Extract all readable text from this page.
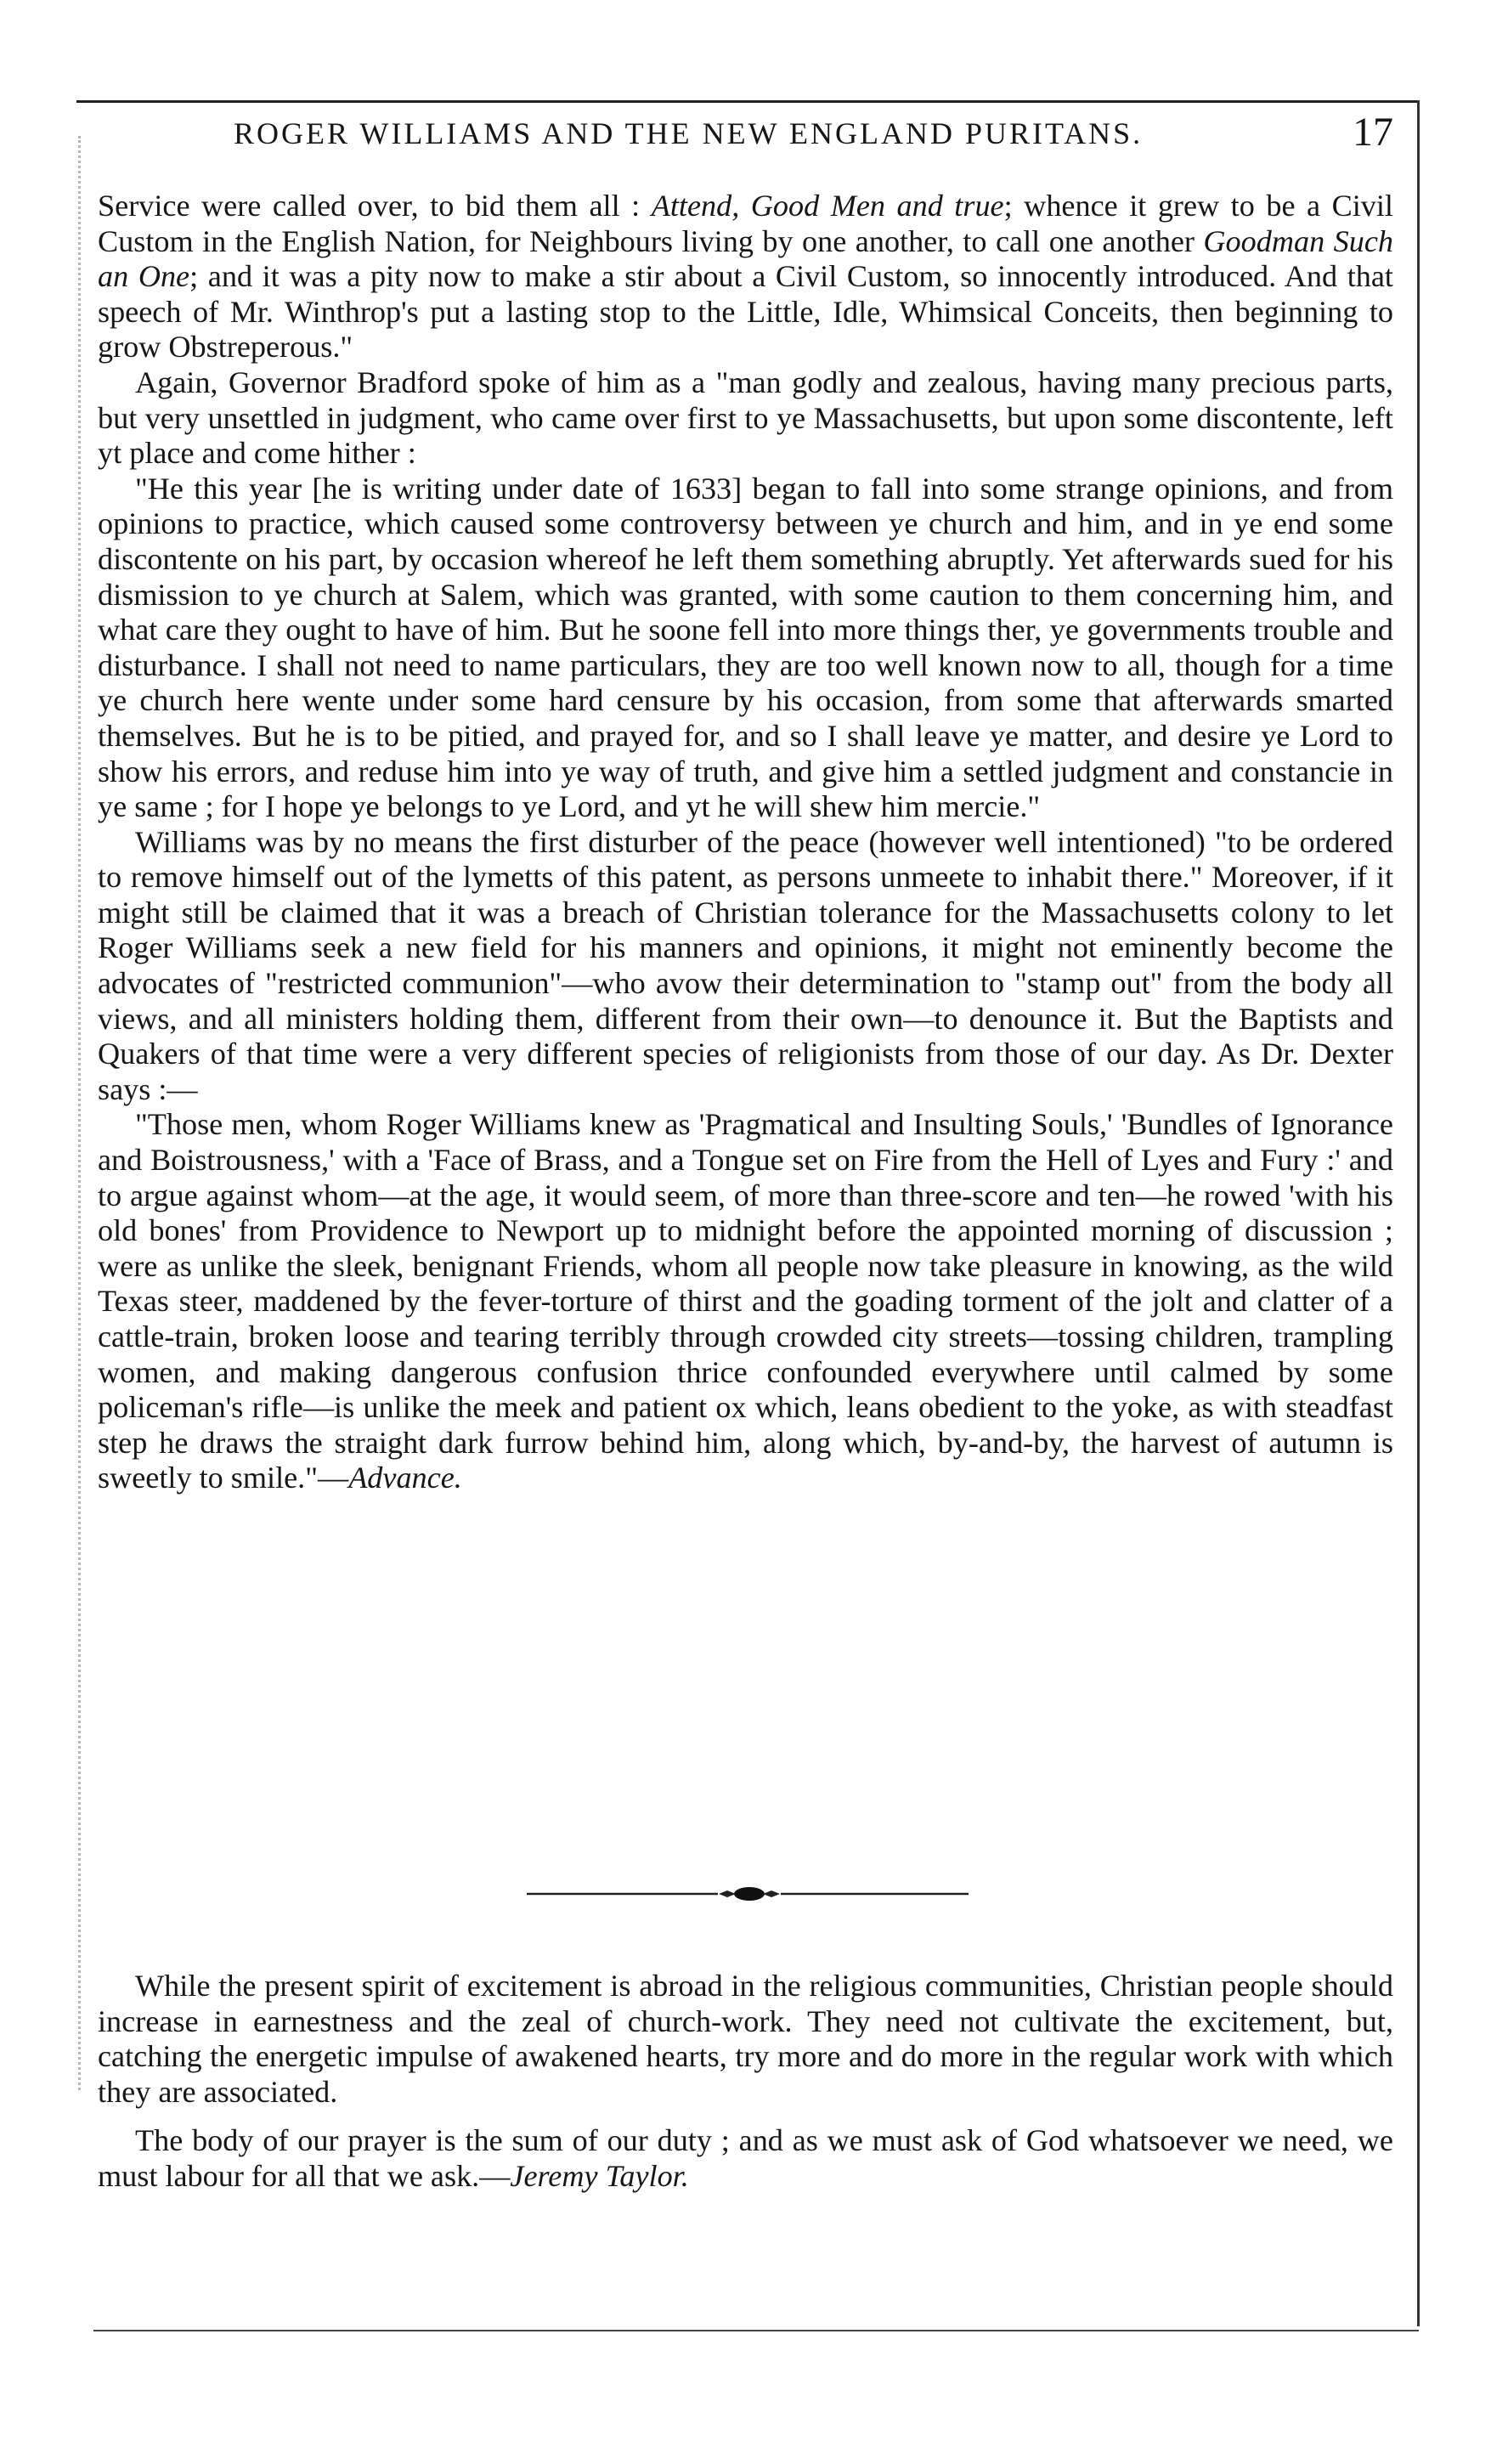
ROGER WILLIAMS AND THE NEW ENGLAND PURITANS.	17

Service were called over, to bid them all : Attend, Good Men and true; whence it grew to be a Civil Custom in the English Nation, for Neighbours living by one another, to call one another Goodman Such an One; and it was a pity now to make a stir about a Civil Custom, so innocently introduced. And that speech of Mr. Winthrop's put a lasting stop to the Little, Idle, Whimsical Conceits, then beginning to grow Obstreperous."

Again, Governor Bradford spoke of him as a "man godly and zealous, having many precious parts, but very unsettled in judgment, who came over first to ye Massachusetts, but upon some discontente, left yt place and come hither :

"He this year [he is writing under date of 1633] began to fall into some strange opinions, and from opinions to practice, which caused some controversy between ye church and him, and in ye end some discontente on his part, by occasion whereof he left them something abruptly. Yet afterwards sued for his dismission to ye church at Salem, which was granted, with some caution to them concerning him, and what care they ought to have of him. But he soone fell into more things ther, ye governments trouble and disturbance. I shall not need to name particulars, they are too well known now to all, though for a time ye church here wente under some hard censure by his occasion, from some that afterwards smarted themselves. But he is to be pitied, and prayed for, and so I shall leave ye matter, and desire ye Lord to show his errors, and reduse him into ye way of truth, and give him a settled judgment and constancie in ye same ; for I hope ye belongs to ye Lord, and yt he will shew him mercie."

Williams was by no means the first disturber of the peace (however well intentioned) "to be ordered to remove himself out of the lymetts of this patent, as persons unmeete to inhabit there." Moreover, if it might still be claimed that it was a breach of Christian tolerance for the Massachusetts colony to let Roger Williams seek a new field for his manners and opinions, it might not eminently become the advocates of "restricted communion"—who avow their determination to "stamp out" from the body all views, and all ministers holding them, different from their own—to denounce it. But the Baptists and Quakers of that time were a very different species of religionists from those of our day. As Dr. Dexter says :—

"Those men, whom Roger Williams knew as 'Pragmatical and Insulting Souls,' 'Bundles of Ignorance and Boistrousness,' with a 'Face of Brass, and a Tongue set on Fire from the Hell of Lyes and Fury :' and to argue against whom—at the age, it would seem, of more than three-score and ten—he rowed 'with his old bones' from Providence to Newport up to midnight before the appointed morning of discussion ; were as unlike the sleek, benignant Friends, whom all people now take pleasure in knowing, as the wild Texas steer, maddened by the fever-torture of thirst and the goading torment of the jolt and clatter of a cattle-train, broken loose and tearing terribly through crowded city streets—tossing children, trampling women, and making dangerous confusion thrice confounded everywhere until calmed by some policeman's rifle—is unlike the meek and patient ox which, leans obedient to the yoke, as with steadfast step he draws the straight dark furrow behind him, along which, by-and-by, the harvest of autumn is sweetly to smile."—Advance.

While the present spirit of excitement is abroad in the religious communities, Christian people should increase in earnestness and the zeal of church-work. They need not cultivate the excitement, but, catching the energetic impulse of awakened hearts, try more and do more in the regular work with which they are associated.

The body of our prayer is the sum of our duty ; and as we must ask of God whatsoever we need, we must labour for all that we ask.—Jeremy Taylor.
